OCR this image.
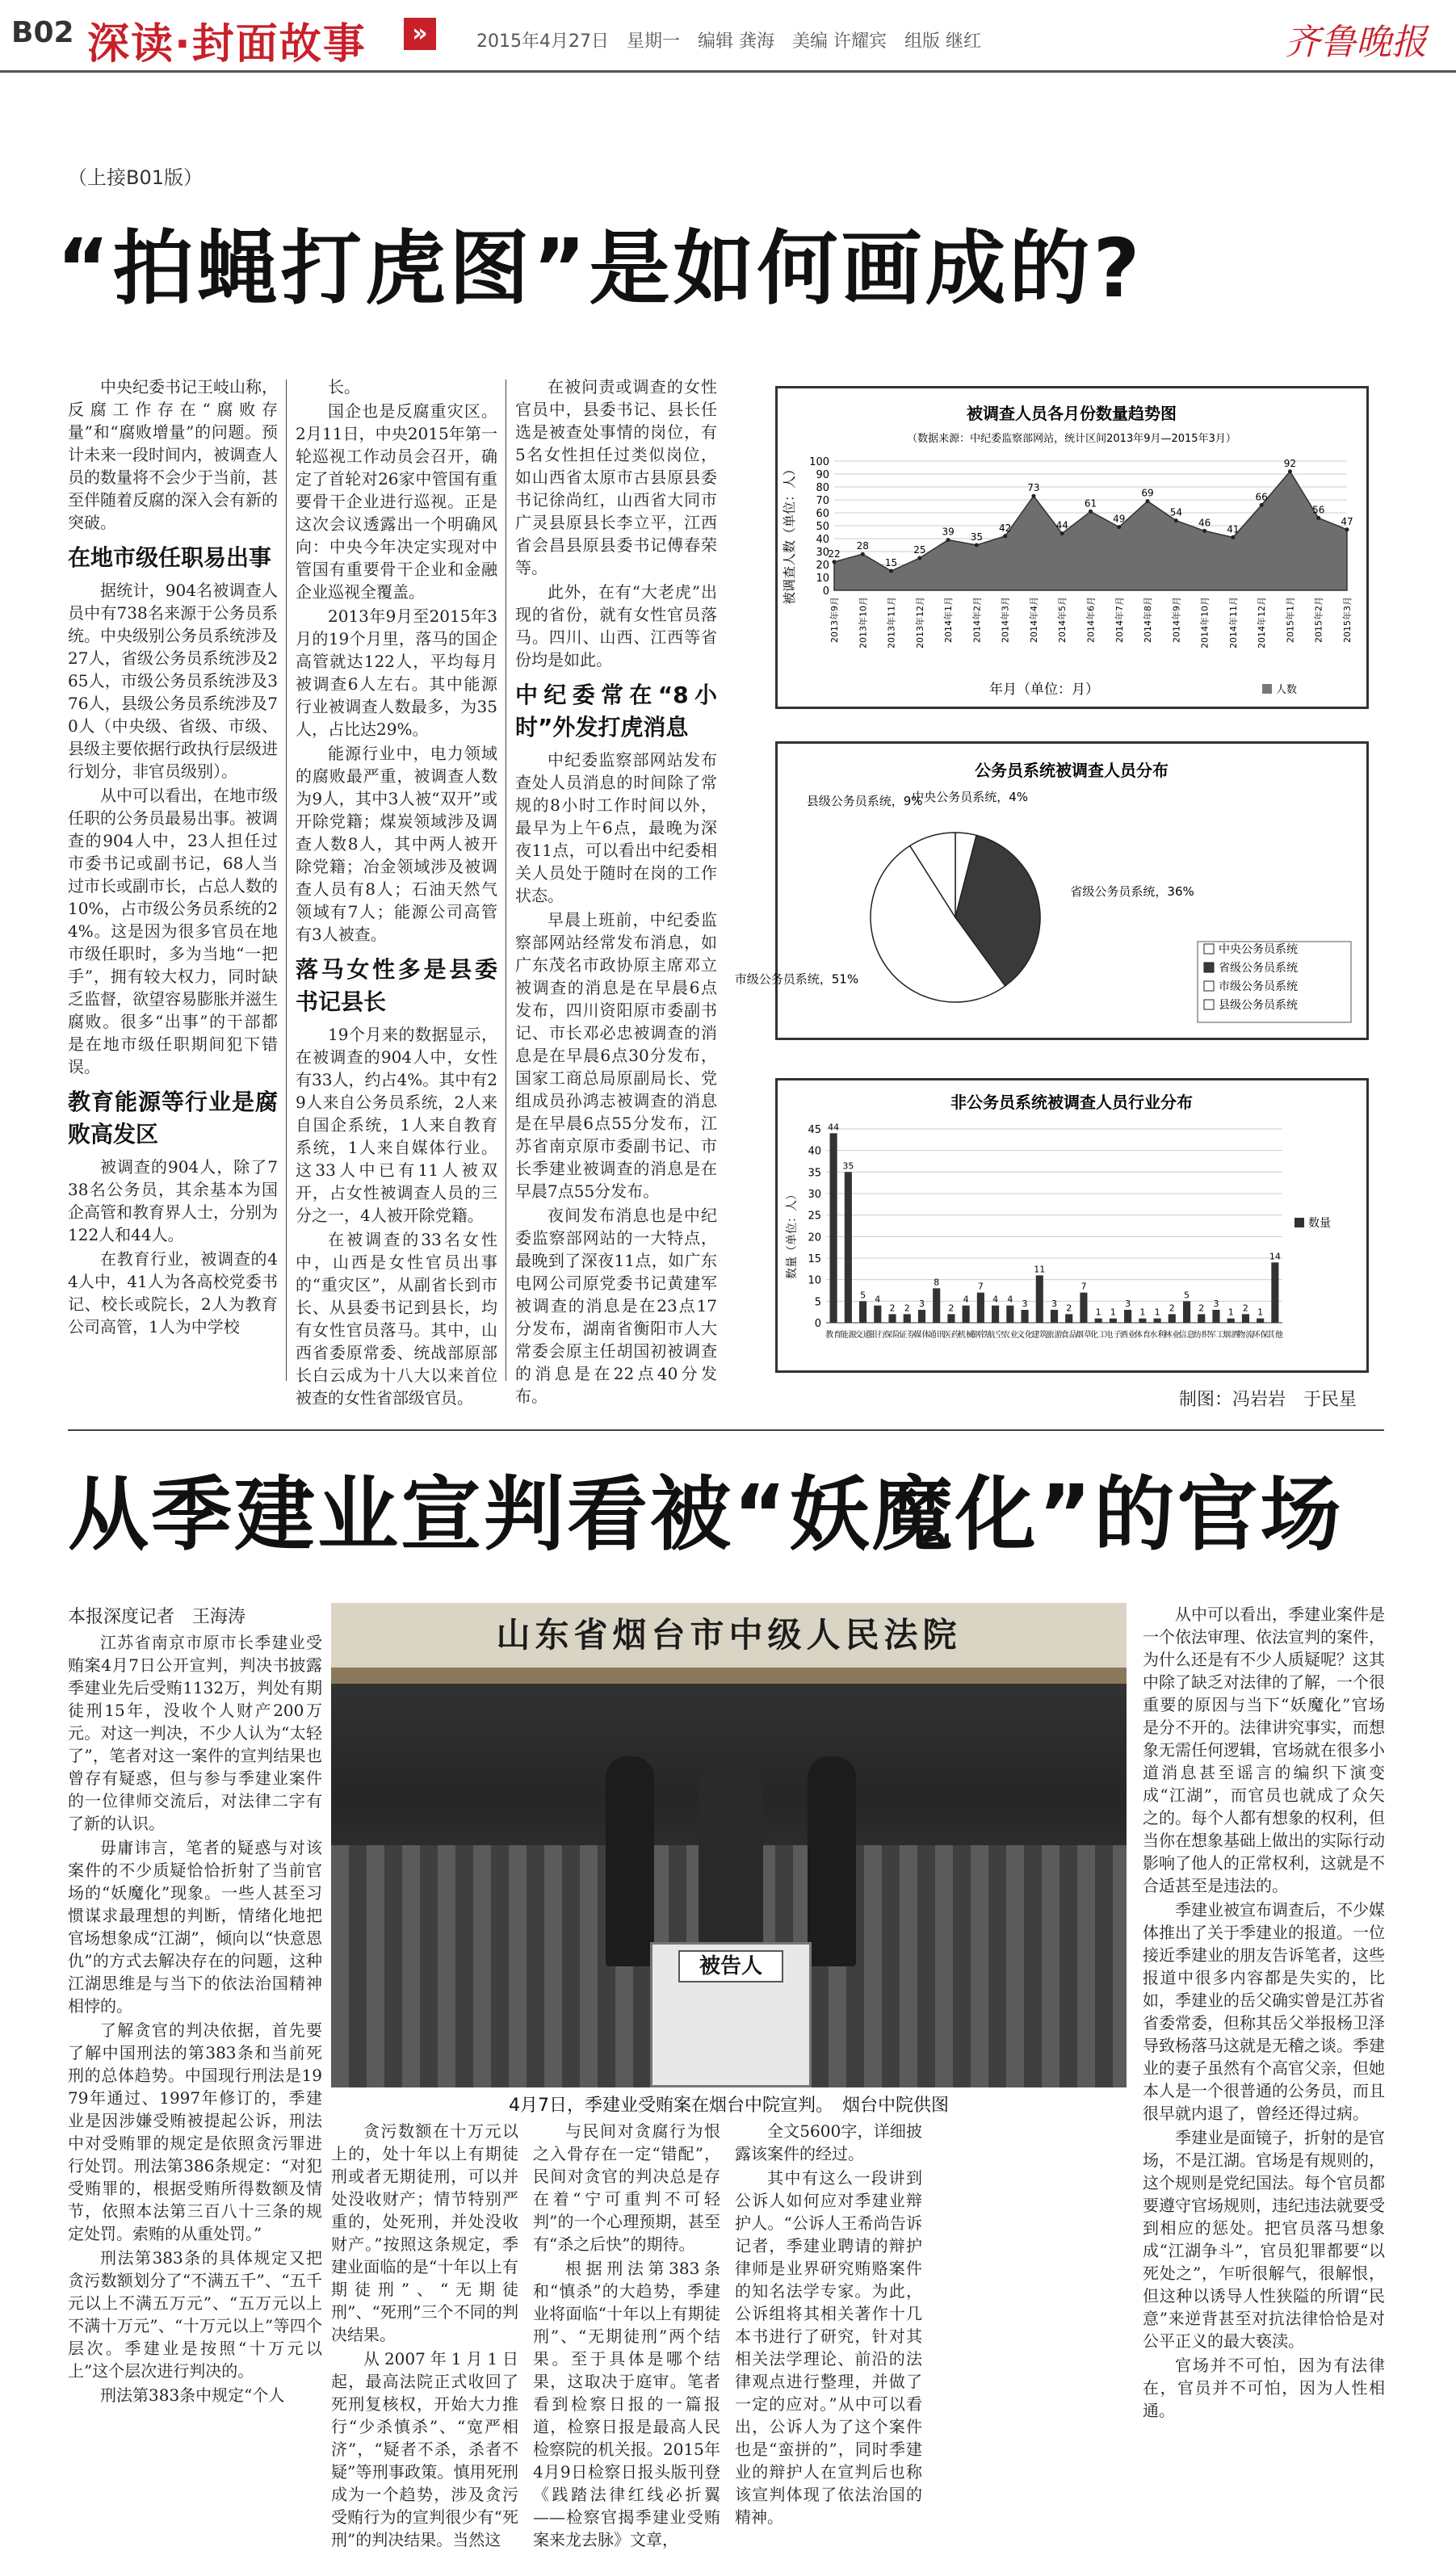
B02 深读·封面故事	»	2015年4月27日　星期一　编辑 龚海　美编 许耀宾　组版 继红	齐鲁晚报
（上接B01版）
“拍蝇打虎图”是如何画成的?

中央纪委书记王岐山称，反腐工作存在“腐败存量”和“腐败增量”的问题。预计未来一段时间内，被调查人员的数量将不会少于当前，甚至伴随着反腐的深入会有新的突破。

在地市级任职易出事

据统计，904名被调查人员中有738名来源于公务员系统。中央级别公务员系统涉及27人，省级公务员系统涉及265人，市级公务员系统涉及376人，县级公务员系统涉及70人（中央级、省级、市级、县级主要依据行政执行层级进行划分，非官员级别）。

从中可以看出，在地市级任职的公务员最易出事。被调查的904人中，23人担任过市委书记或副书记，68人当过市长或副市长，占总人数的10%，占市级公务员系统的24%。这是因为很多官员在地市级任职时，多为当地“一把手”，拥有较大权力，同时缺乏监督，欲望容易膨胀并滋生腐败。很多“出事”的干部都是在地市级任职期间犯下错误。

教育能源等行业是腐败高发区

被调查的904人，除了738名公务员，其余基本为国企高管和教育界人士，分别为122人和44人。

在教育行业，被调查的44人中，41人为各高校党委书记、校长或院长，2人为教育公司高管，1人为中学校

长。

国企也是反腐重灾区。2月11日，中央2015年第一轮巡视工作动员会召开，确定了首轮对26家中管国有重要骨干企业进行巡视。正是这次会议透露出一个明确风向：中央今年决定实现对中管国有重要骨干企业和金融企业巡视全覆盖。

2013年9月至2015年3月的19个月里，落马的国企高管就达122人，平均每月被调查6人左右。其中能源行业被调查人数最多，为35人，占比达29%。

能源行业中，电力领域的腐败最严重，被调查人数为9人，其中3人被“双开”或开除党籍；煤炭领域涉及调查人数8人，其中两人被开除党籍；冶金领域涉及被调查人员有8人；石油天然气领域有7人；能源公司高管有3人被查。

落马女性多是县委书记县长

19个月来的数据显示，在被调查的904人中，女性有33人，约占4%。其中有29人来自公务员系统，2人来自国企系统，1人来自教育系统，1人来自媒体行业。这33人中已有11人被双开，占女性被调查人员的三分之一，4人被开除党籍。

在被调查的33名女性中，山西是女性官员出事的“重灾区”，从副省长到市长、从县委书记到县长，均有女性官员落马。其中，山西省委原常委、统战部原部长白云成为十八大以来首位被查的女性省部级官员。

在被问责或调查的女性官员中，县委书记、县长任选是被查处事情的岗位，有5名女性担任过类似岗位，如山西省太原市古县原县委书记徐尚红，山西省大同市广灵县原县长李立平，江西省会昌县原县委书记傅春荣等。

此外，在有“大老虎”出现的省份，就有女性官员落马。四川、山西、江西等省份均是如此。

中纪委常在“8小时”外发打虎消息

中纪委监察部网站发布查处人员消息的时间除了常规的8小时工作时间以外，最早为上午6点，最晚为深夜11点，可以看出中纪委相关人员处于随时在岗的工作状态。

早晨上班前，中纪委监察部网站经常发布消息，如广东茂名市政协原主席邓立被调查的消息是在早晨6点发布，四川资阳原市委副书记、市长邓必忠被调查的消息是在早晨6点30分发布，国家工商总局原副局长、党组成员孙鸿志被调查的消息是在早晨6点55分发布，江苏省南京原市委副书记、市长季建业被调查的消息是在早晨7点55分发布。

夜间发布消息也是中纪委监察部网站的一大特点，最晚到了深夜11点，如广东电网公司原党委书记黄建军被调查的消息是在23点17分发布，湖南省衡阳市人大常委会原主任胡国初被调查的消息是在22点40分发布。

被调查人员各月份数量趋势图
（数据来源：中纪委监察部网站，统计区间2013年9月—2015年3月）
0
10
20
30
40
50
60
70
80
90
100
22
28
15
25
39 35
42
73
44
61
49
69
54
46
41
66
92
56
47
2013年9月 2013年10月 2013年11月 2013年12月 2014年1月 2014年2月 2014年3月 2014年4月 2014年5月 2014年6月 2014年7月 2014年8月 2014年9月 2014年10月 2014年11月 2014年12月 2015年1月 2015年2月 2015年3月
被调查人数（单位：人）
年月（单位：月）	人数
公务员系统被调查人员分布
中央公务员系统，4%
省级公务员系统，36%
市级公务员系统，51%
县级公务员系统，9%
中央公务员系统
省级公务员系统
市级公务员系统
县级公务员系统
非公务员系统被调查人员行业分布
0
5
10
15
20
25
30
35
40
45 44
35
5 4
2 2 3
8
2
4
7
4 4 3
11
3 2
7
1 1
3
1 1 2
5
2 3
1 2 1
14
教育
能源
交通
银行
保险
证券
媒体
通讯
医药
机械
钢铁
航空
农业
文化
建筑
旅游
食品
烟草
化工
电子
酒业
体育
水利
林业
信息
纺织
军工
烟酒
物流
环保
其他
数量（单位：人）	数量
制图：冯岩岩　于民星
从季建业宣判看被“妖魔化”的官场
本报深度记者　王海涛

江苏省南京市原市长季建业受贿案4月7日公开宣判，判决书披露季建业先后受贿1132万，判处有期徒刑15年，没收个人财产200万元。对这一判决，不少人认为“太轻了”，笔者对这一案件的宣判结果也曾存有疑惑，但与参与季建业案件的一位律师交流后，对法律二字有了新的认识。

毋庸讳言，笔者的疑惑与对该案件的不少质疑恰恰折射了当前官场的“妖魔化”现象。一些人甚至习惯谋求最理想的判断，情绪化地把官场想象成“江湖”，倾向以“快意恩仇”的方式去解决存在的问题，这种江湖思维是与当下的依法治国精神相悖的。

了解贪官的判决依据，首先要了解中国刑法的第383条和当前死刑的总体趋势。中国现行刑法是1979年通过、1997年修订的，季建业是因涉嫌受贿被提起公诉，刑法中对受贿罪的规定是依照贪污罪进行处罚。刑法第386条规定：“对犯受贿罪的，根据受贿所得数额及情节，依照本法第三百八十三条的规定处罚。索贿的从重处罚。”

刑法第383条的具体规定又把贪污数额划分了“不满五千”、“五千元以上不满五万元”、“五万元以上不满十万元”、“十万元以上”等四个层次。季建业是按照“十万元以上”这个层次进行判决的。

刑法第383条中规定“个人

山东省烟台市中级人民法院
被告人
4月7日，季建业受贿案在烟台中院宣判。　烟台中院供图

贪污数额在十万元以上的，处十年以上有期徒刑或者无期徒刑，可以并处没收财产；情节特别严重的，处死刑，并处没收财产。”按照这条规定，季建业面临的是“十年以上有期徒刑”、“无期徒刑”、“死刑”三个不同的判决结果。

从2007年1月1日起，最高法院正式收回了死刑复核权，开始大力推行“少杀慎杀”、“宽严相济”，“疑者不杀，杀者不疑”等刑事政策。慎用死刑成为一个趋势，涉及贪污受贿行为的宣判很少有“死刑”的判决结果。当然这

与民间对贪腐行为恨之入骨存在一定“错配”，民间对贪官的判决总是存在着“宁可重判不可轻判”的一个心理预期，甚至有“杀之后快”的期待。

根据刑法第383条和“慎杀”的大趋势，季建业将面临“十年以上有期徒刑”、“无期徒刑”两个结果。至于具体是哪个结果，这取决于庭审。笔者看到检察日报的一篇报道，检察日报是最高人民检察院的机关报。2015年4月9日检察日报头版刊登《践踏法律红线必折翼——检察官揭季建业受贿案来龙去脉》文章，

全文5600字，详细披露该案件的经过。

其中有这么一段讲到公诉人如何应对季建业辩护人。“公诉人王希尚告诉记者，季建业聘请的辩护律师是业界研究贿赂案件的知名法学专家。为此，公诉组将其相关著作十几本书进行了研究，针对其相关法学理论、前沿的法律观点进行整理，并做了一定的应对。”从中可以看出，公诉人为了这个案件也是“蛮拼的”，同时季建业的辩护人在宣判后也称该宣判体现了依法治国的精神。

从中可以看出，季建业案件是一个依法审理、依法宣判的案件，为什么还是有不少人质疑呢？这其中除了缺乏对法律的了解，一个很重要的原因与当下“妖魔化”官场是分不开的。法律讲究事实，而想象无需任何逻辑，官场就在很多小道消息甚至谣言的编织下演变成“江湖”，而官员也就成了众矢之的。每个人都有想象的权利，但当你在想象基础上做出的实际行动影响了他人的正常权利，这就是不合适甚至是违法的。

季建业被宣布调查后，不少媒体推出了关于季建业的报道。一位接近季建业的朋友告诉笔者，这些报道中很多内容都是失实的，比如，季建业的岳父确实曾是江苏省省委常委，但称其岳父举报杨卫泽导致杨落马这就是无稽之谈。季建业的妻子虽然有个高官父亲，但她本人是一个很普通的公务员，而且很早就内退了，曾经还得过病。

季建业是面镜子，折射的是官场，不是江湖。官场是有规则的，这个规则是党纪国法。每个官员都要遵守官场规则，违纪违法就要受到相应的惩处。把官员落马想象成“江湖争斗”，官员犯罪都要“以死处之”，乍听很解气，很解恨，但这种以诱导人性狭隘的所谓“民意”来逆背甚至对抗法律恰恰是对公平正义的最大亵渎。

官场并不可怕，因为有法律在，官员并不可怕，因为人性相通。
